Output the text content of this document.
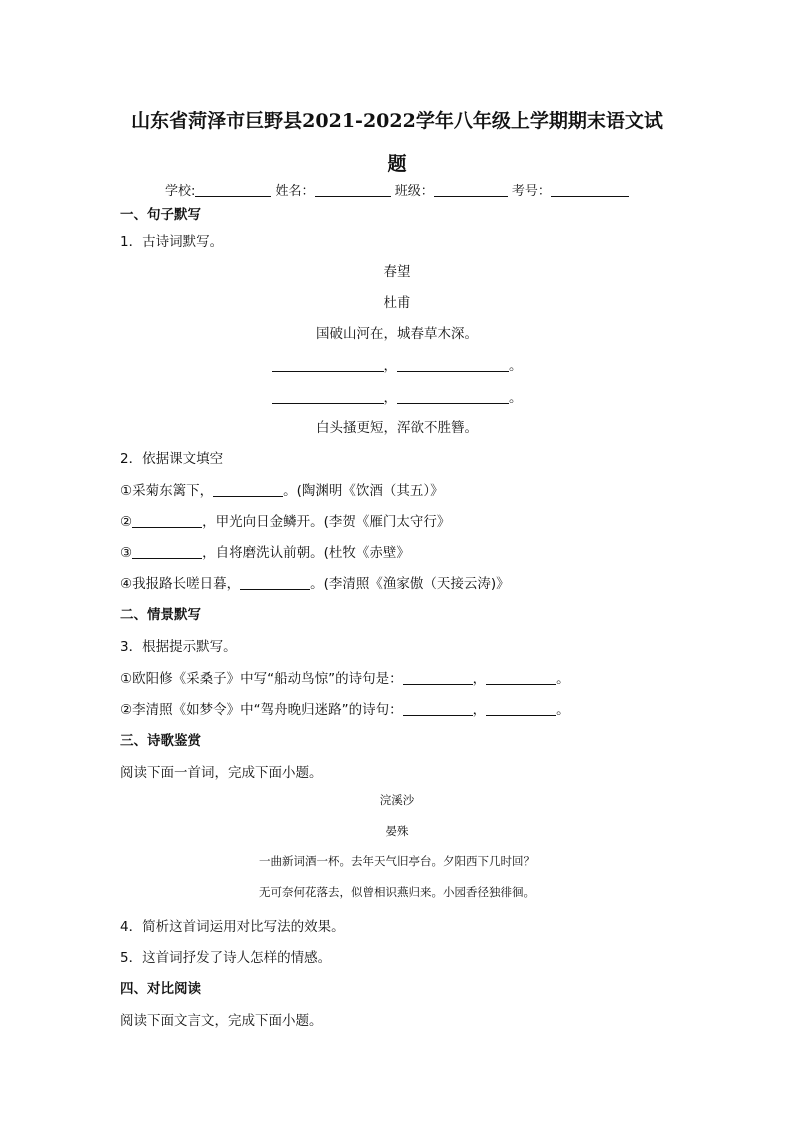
山东省菏泽市巨野县2021-2022学年八年级上学期期末语文试
题
学校:	姓名：	班级：	考号：
一、句子默写
1．古诗词默写。
春望
杜甫
国破山河在，城春草木深。
，	。
，	。
白头搔更短，浑欲不胜簪。
2．依据课文填空
①采菊东篱下，	。(陶渊明《饮酒（其五）》
②	，甲光向日金鳞开。(李贺《雁门太守行》
③	，自将磨洗认前朝。(杜牧《赤壁》
④我报路长嗟日暮，	。(李清照《渔家傲（天接云涛)》
二、情景默写
3．根据提示默写。
①欧阳修《采桑子》中写“船动鸟惊”的诗句是：	，	。
②李清照《如梦令》中“驾舟晚归迷路”的诗句：	，	。
三、诗歌鉴赏
阅读下面一首词，完成下面小题。
浣溪沙
晏殊
一曲新词酒一杯。去年天气旧亭台。夕阳西下几时回？
无可奈何花落去，似曾相识燕归来。小园香径独徘徊。
4．简析这首词运用对比写法的效果。
5．这首词抒发了诗人怎样的情感。
四、对比阅读
阅读下面文言文，完成下面小题。
